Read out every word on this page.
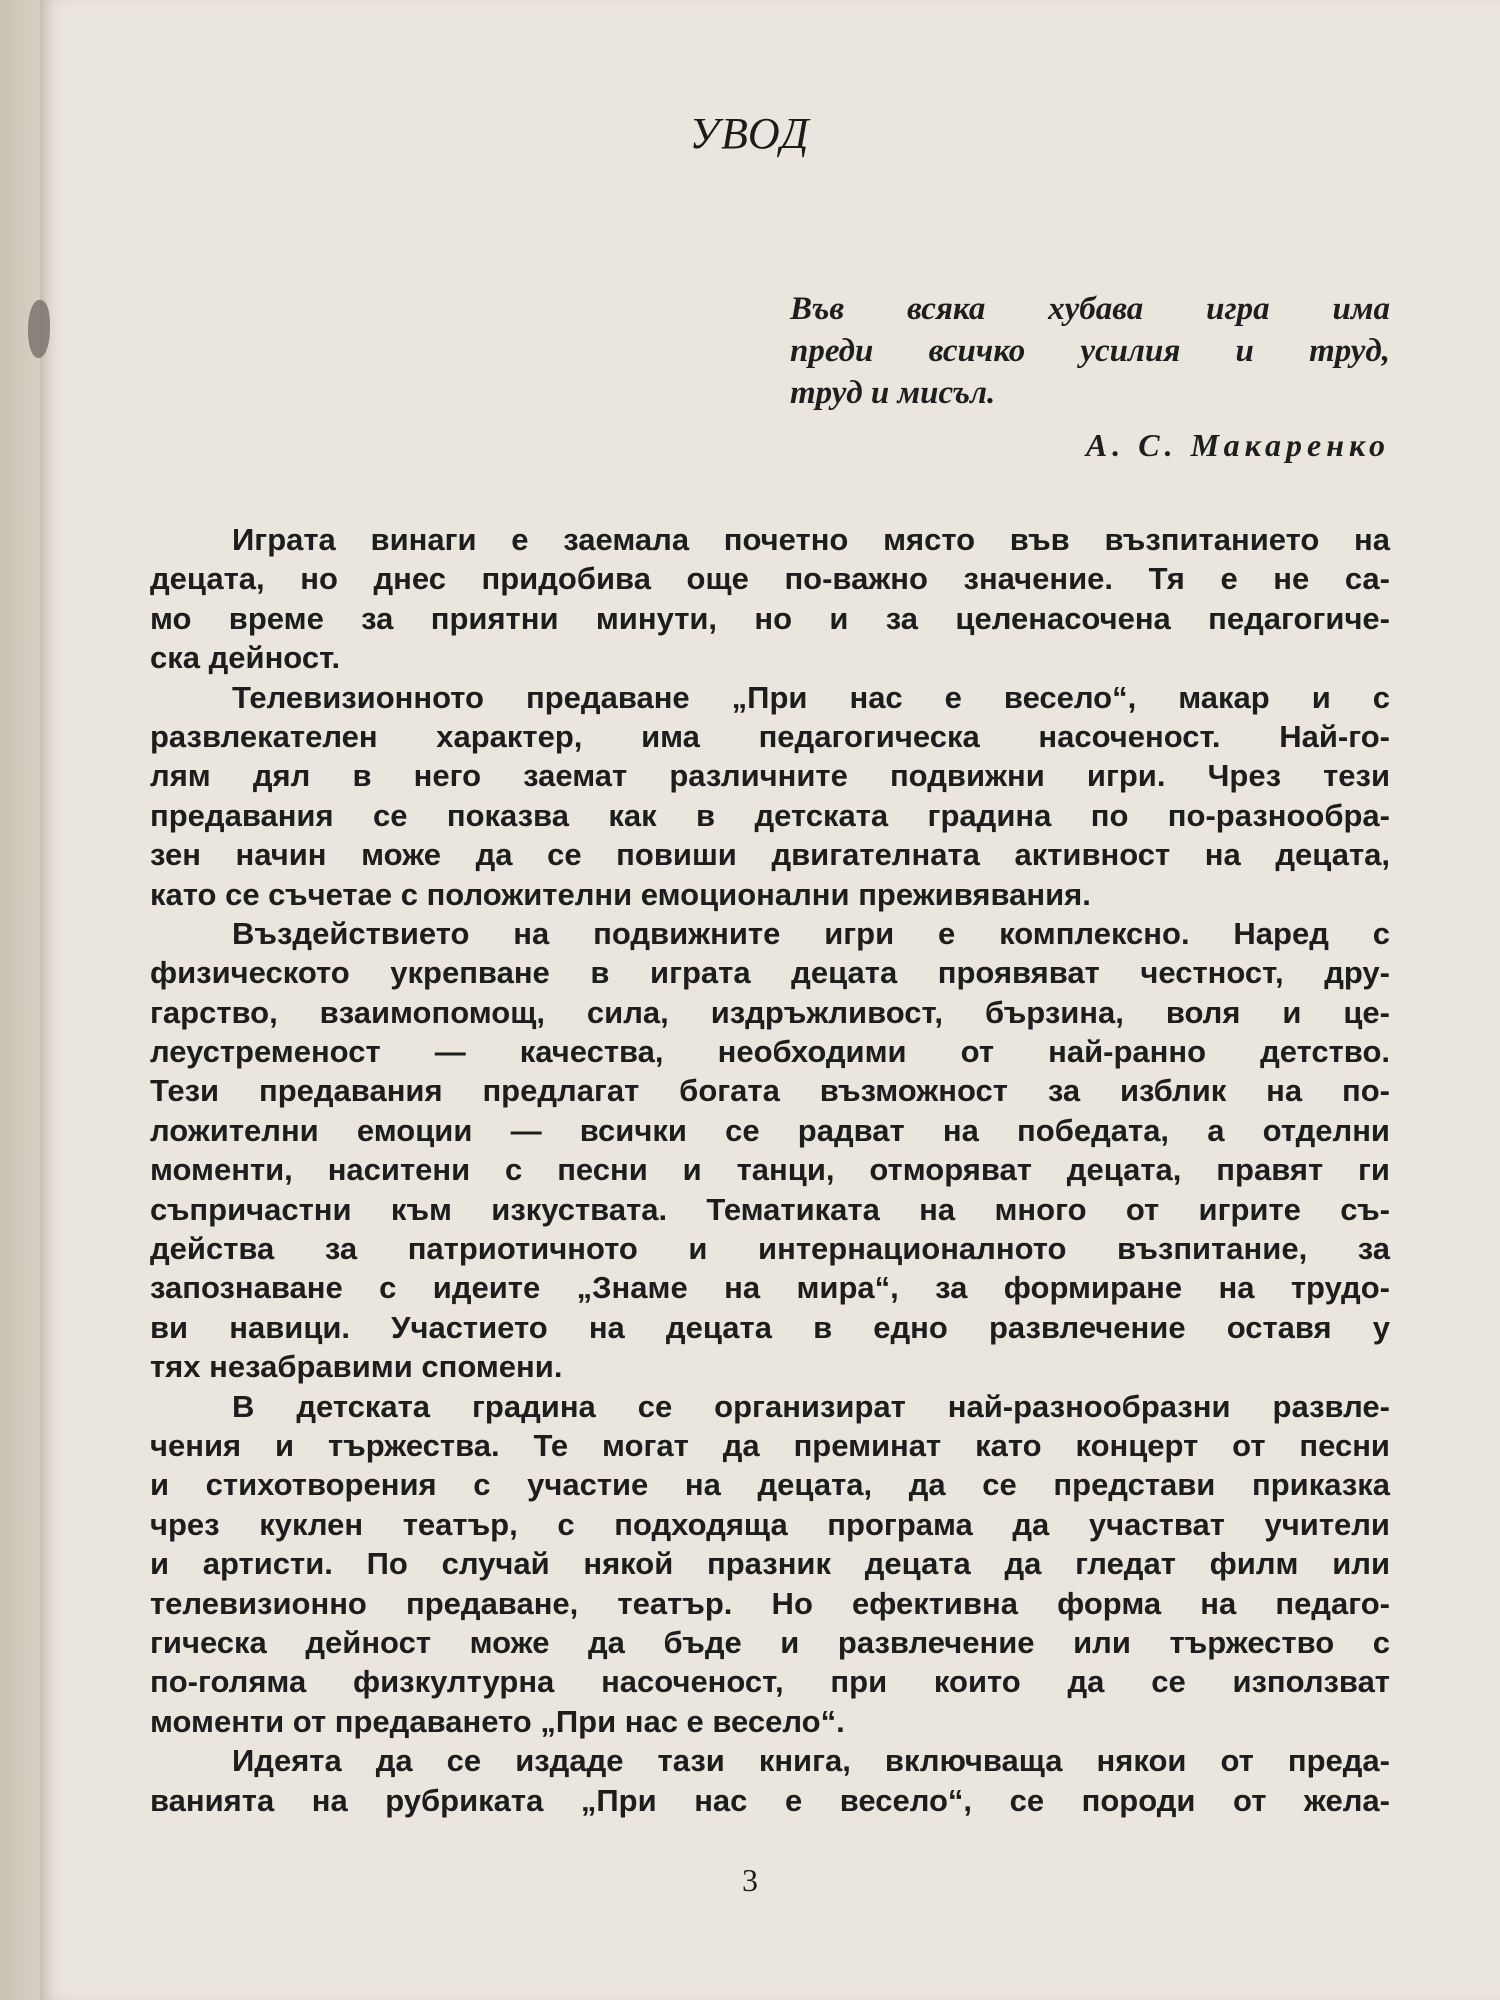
УВОД
Във всяка хубава игра има
преди всичко усилия и труд,
труд и мисъл.
А. С. Макаренко
Играта винаги е заемала почетно място във възпитанието на
децата, но днес придобива още по-важно значение. Тя е не са-
мо време за приятни минути, но и за целенасочена педагогиче-
ска дейност.
Телевизионното предаване „При нас е весело“, макар и с
развлекателен характер, има педагогическа насоченост. Най-го-
лям дял в него заемат различните подвижни игри. Чрез тези
предавания се показва как в детската градина по по-разнообра-
зен начин може да се повиши двигателната активност на децата,
като се съчетае с положителни емоционални преживявания.
Въздействието на подвижните игри е комплексно. Наред с
физическото укрепване в играта децата проявяват честност, дру-
гарство, взаимопомощ, сила, издръжливост, бързина, воля и це-
леустременост — качества, необходими от най-ранно детство.
Тези предавания предлагат богата възможност за изблик на по-
ложителни емоции — всички се радват на победата, а отделни
моменти, наситени с песни и танци, отморяват децата, правят ги
съпричастни към изкуствата. Тематиката на много от игрите съ-
действа за патриотичното и интернационалното възпитание, за
запознаване с идеите „Знаме на мира“, за формиране на трудо-
ви навици. Участието на децата в едно развлечение оставя у
тях незабравими спомени.
В детската градина се организират най-разнообразни развле-
чения и тържества. Те могат да преминат като концерт от песни
и стихотворения с участие на децата, да се представи приказка
чрез куклен театър, с подходяща програма да участват учители
и артисти. По случай някой празник децата да гледат филм или
телевизионно предаване, театър. Но ефективна форма на педаго-
гическа дейност може да бъде и развлечение или тържество с
по-голяма физкултурна насоченост, при които да се използват
моменти от предаването „При нас е весело“.
Идеята да се издаде тази книга, включваща някои от преда-
ванията на рубриката „При нас е весело“, се породи от жела-
3
